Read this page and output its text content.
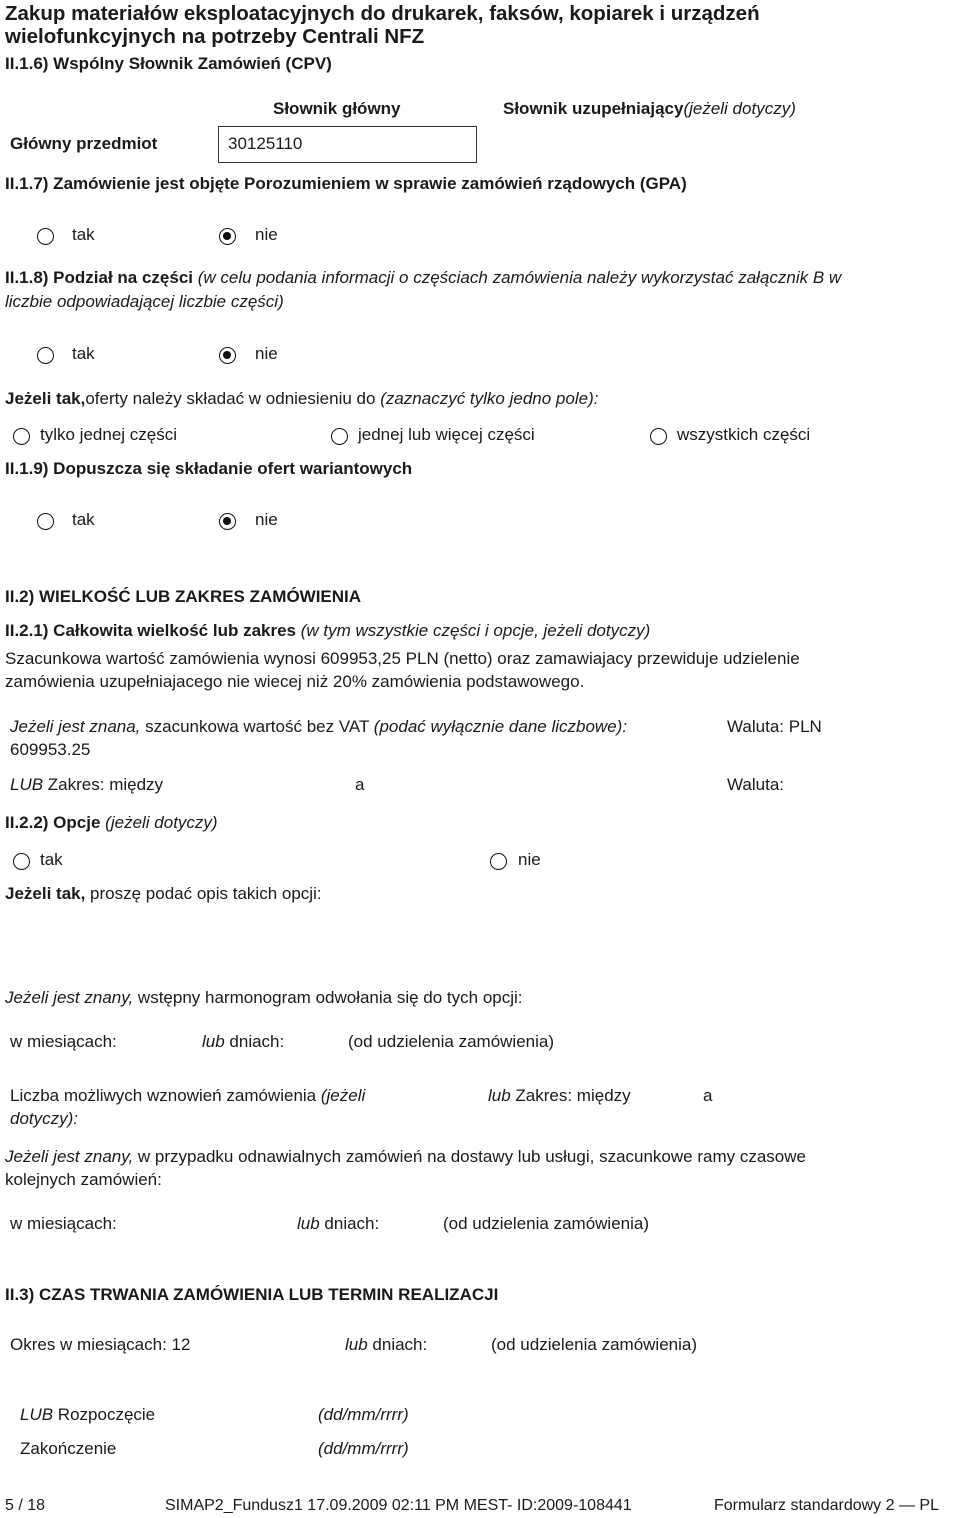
Zakup materiałów eksploatacyjnych do drukarek, faksów, kopiarek i urządzeń
wielofunkcyjnych na potrzeby Centrali NFZ
II.1.6) Wspólny Słownik Zamówień (CPV)
Słownik główny	Słownik uzupełniający(jeżeli dotyczy)
Główny przedmiot	30125110
II.1.7) Zamówienie jest objęte Porozumieniem w sprawie zamówień rządowych (GPA)
tak	nie
II.1.8) Podział na części (w celu podania informacji o częściach zamówienia należy wykorzystać załącznik B w
liczbie odpowiadającej liczbie części)
tak	nie
Jeżeli tak,oferty należy składać w odniesieniu do (zaznaczyć tylko jedno pole):
tylko jednej części	jednej lub więcej części	wszystkich części
II.1.9) Dopuszcza się składanie ofert wariantowych
tak	nie
II.2) WIELKOŚĆ LUB ZAKRES ZAMÓWIENIA
II.2.1) Całkowita wielkość lub zakres (w tym wszystkie części i opcje, jeżeli dotyczy)
Szacunkowa wartość zamówienia wynosi 609953,25 PLN (netto) oraz zamawiajacy przewiduje udzielenie
zamówienia uzupełniajacego nie wiecej niż 20% zamówienia podstawowego.
Jeżeli jest znana, szacunkowa wartość bez VAT (podać wyłącznie dane liczbowe):
609953.25
Waluta: PLN
LUB Zakres: między	a	Waluta:
II.2.2) Opcje (jeżeli dotyczy)
tak	nie
Jeżeli tak, proszę podać opis takich opcji:
Jeżeli jest znany, wstępny harmonogram odwołania się do tych opcji:
w miesiącach:	lub dniach:	(od udzielenia zamówienia)
Liczba możliwych wznowień zamówienia (jeżeli
dotyczy):
lub Zakres: między	a
Jeżeli jest znany, w przypadku odnawialnych zamówień na dostawy lub usługi, szacunkowe ramy czasowe
kolejnych zamówień:
w miesiącach:	lub dniach:	(od udzielenia zamówienia)
II.3) CZAS TRWANIA ZAMÓWIENIA LUB TERMIN REALIZACJI
Okres w miesiącach: 12	lub dniach:	(od udzielenia zamówienia)
LUB Rozpoczęcie	(dd/mm/rrrr)
Zakończenie	(dd/mm/rrrr)
5 / 18	SIMAP2_Fundusz1 17.09.2009 02:11 PM MEST- ID:2009-108441	Formularz standardowy 2 — PL
